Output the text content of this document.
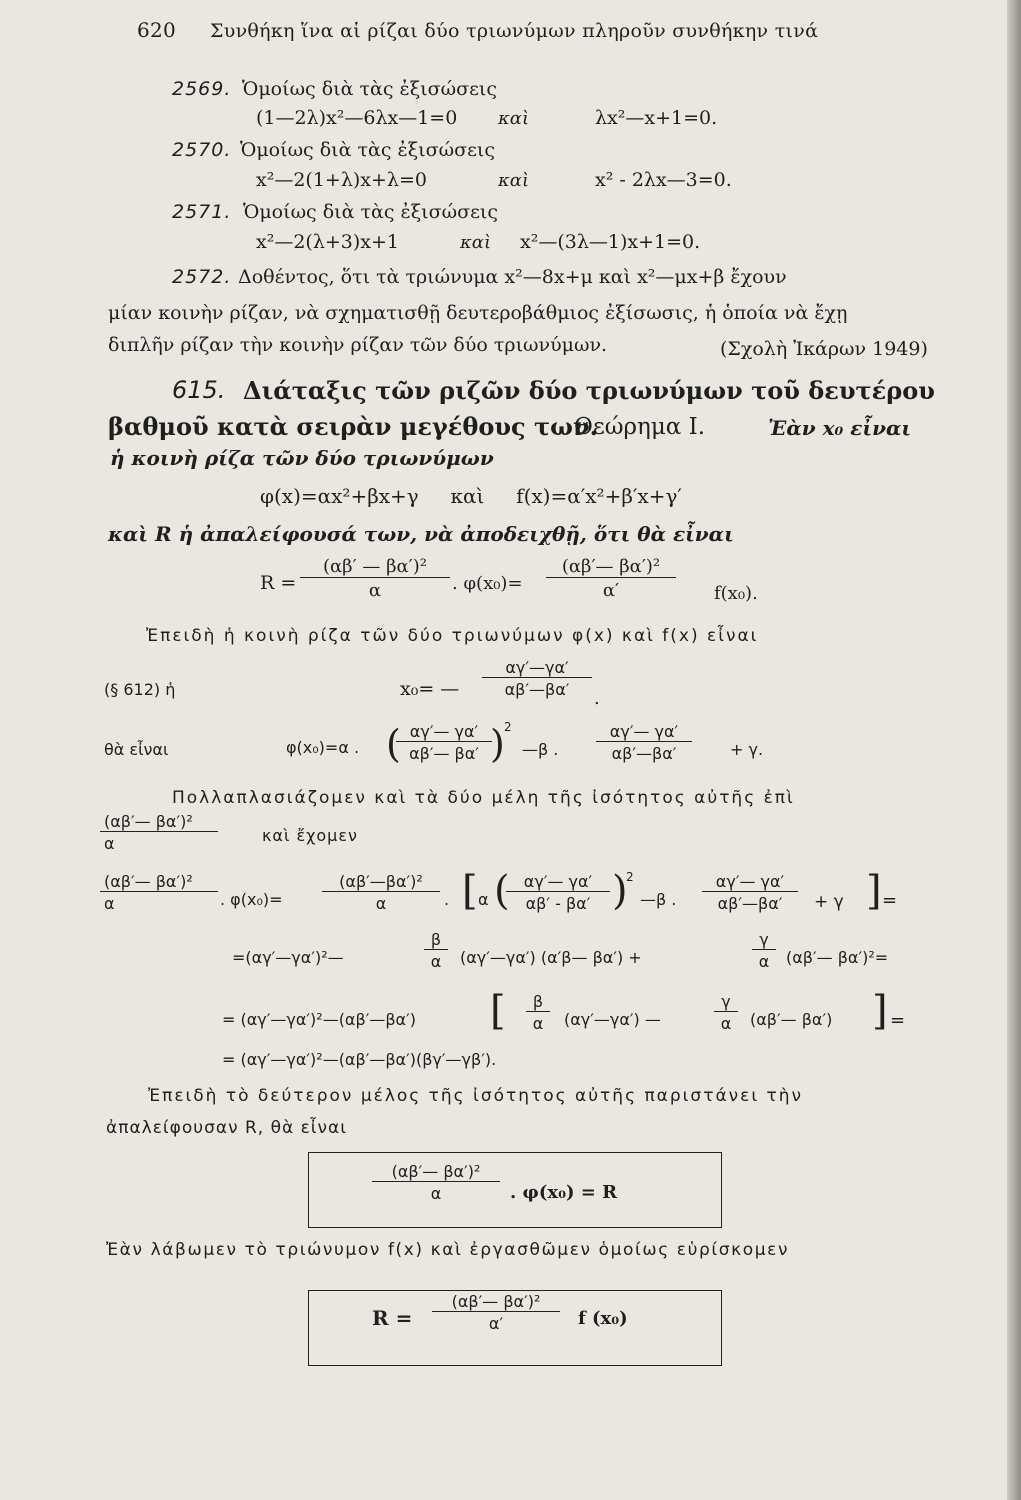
620 Συνθήκη ἵνα αἱ ρίζαι δύο τριωνύμων πληροῦν συνθήκην τινά
2569. Ὁμοίως διὰ τὰς ἐξισώσεις
(1—2λ)x²—6λx—1=0 καὶ	λx²—x+1=0.
2570. Ὁμοίως διὰ τὰς ἐξισώσεις
x²—2(1+λ)x+λ=0	καὶ	x² - 2λx—3=0.
2571. Ὁμοίως διὰ τὰς ἐξισώσεις
x²—2(λ+3)x+1	καὶ x²—(3λ—1)x+1=0.
2572. Δοθέντος, ὅτι τὰ τριώνυμα x²—8x+μ καὶ x²—μx+β ἔχουν
μίαν κοινὴν ρίζαν, νὰ σχηματισθῇ δευτεροβάθμιος ἐξίσωσις, ἡ ὁποία νὰ ἔχῃ
διπλῆν ρίζαν τὴν κοινὴν ρίζαν τῶν δύο τριωνύμων.	(Σχολὴ Ἰκάρων 1949)
615. Διάταξις τῶν ριζῶν δύο τριωνύμων τοῦ δευτέρου
βαθμοῦ κατὰ σειρὰν μεγέθους των.
Θεώρημα I.	Ἐὰν x₀ εἶναι
ἡ κοινὴ ρίζα τῶν δύο τριωνύμων
φ(x)=αx²+βx+γ     καὶ     f(x)=α′x²+β′x+γ′
καὶ R ἡ ἀπαλείφουσά των, νὰ ἀποδειχθῇ, ὅτι θὰ εἶναι
$R = \frac{\text{(αβ′ — βα′)²}}{\alpha}$ . $\varphi(x_0)= \frac{\text{(αβ′— βα′)²}}{\alpha'} f(x_0)$.
Ἐπειδὴ ἡ κοινὴ ρίζα τῶν δύο τριωνύμων φ(x) καὶ f(x) εἶναι
(§ 612) ἡ	x₀= — $\frac{\alpha\gamma'—\gamma\alpha'}{\alpha\beta'—\beta\alpha'}$ .
θὰ εἶναι	φ(x₀)=α . (
$\frac{\alpha\gamma'— \gamma\alpha'}{\alpha\beta'— \beta\alpha'}$
) 2
—β . $\frac{\alpha\gamma'— \gamma\alpha'}{\alpha\beta'—\beta\alpha'} + \gamma$.
Πολλαπλασιάζομεν καὶ τὰ δύο μέλη τῆς ἰσότητος αὐτῆς ἐπὶ
$\frac{\text{(αβ′— βα′)²}}{\alpha}$	καὶ ἔχομεν
$\frac{\text{(αβ′— βα′)²}}{\alpha}$ . $\varphi(x_0)= \frac{\text{(αβ′—βα′)²}}{\alpha}$ . [ α (
$\frac{\alpha\gamma'— \gamma\alpha'}{\alpha\beta' - \beta\alpha'}$ )
2
—β . $\frac{\alpha\gamma'— \gamma\alpha'}{\alpha\beta'—\beta\alpha'} + \gamma$ ] =
=(αγ′—γα′)²—	$\frac{\beta}{\alpha}$ (αγ′—γα′) (α′β— βα′) +	$\frac{\gamma}{\alpha}$ (αβ′— βα′)²=
= (αγ′—γα′)²—(αβ′—βα′) [ $\frac{\beta}{\alpha}$ (αγ′—γα′) —	$\frac{\gamma}{\alpha}$ (αβ′— βα′) ] =
= (αγ′—γα′)²—(αβ′—βα′)(βγ′—γβ′).
Ἐπειδὴ τὸ δεύτερον μέλος τῆς ἰσότητος αὐτῆς παριστάνει τὴν
ἀπαλείφουσαν R, θὰ εἶναι
$\frac{\text{(αβ′— βα′)²}}{\alpha}$ . φ(x₀) = R
Ἐὰν λάβωμεν τὸ τριώνυμον f(x) καὶ ἐργασθῶμεν ὁμοίως εὑρίσκομεν
$R = \frac{\text{(αβ′— βα′)²}}{\alpha'}$ f (x₀)
